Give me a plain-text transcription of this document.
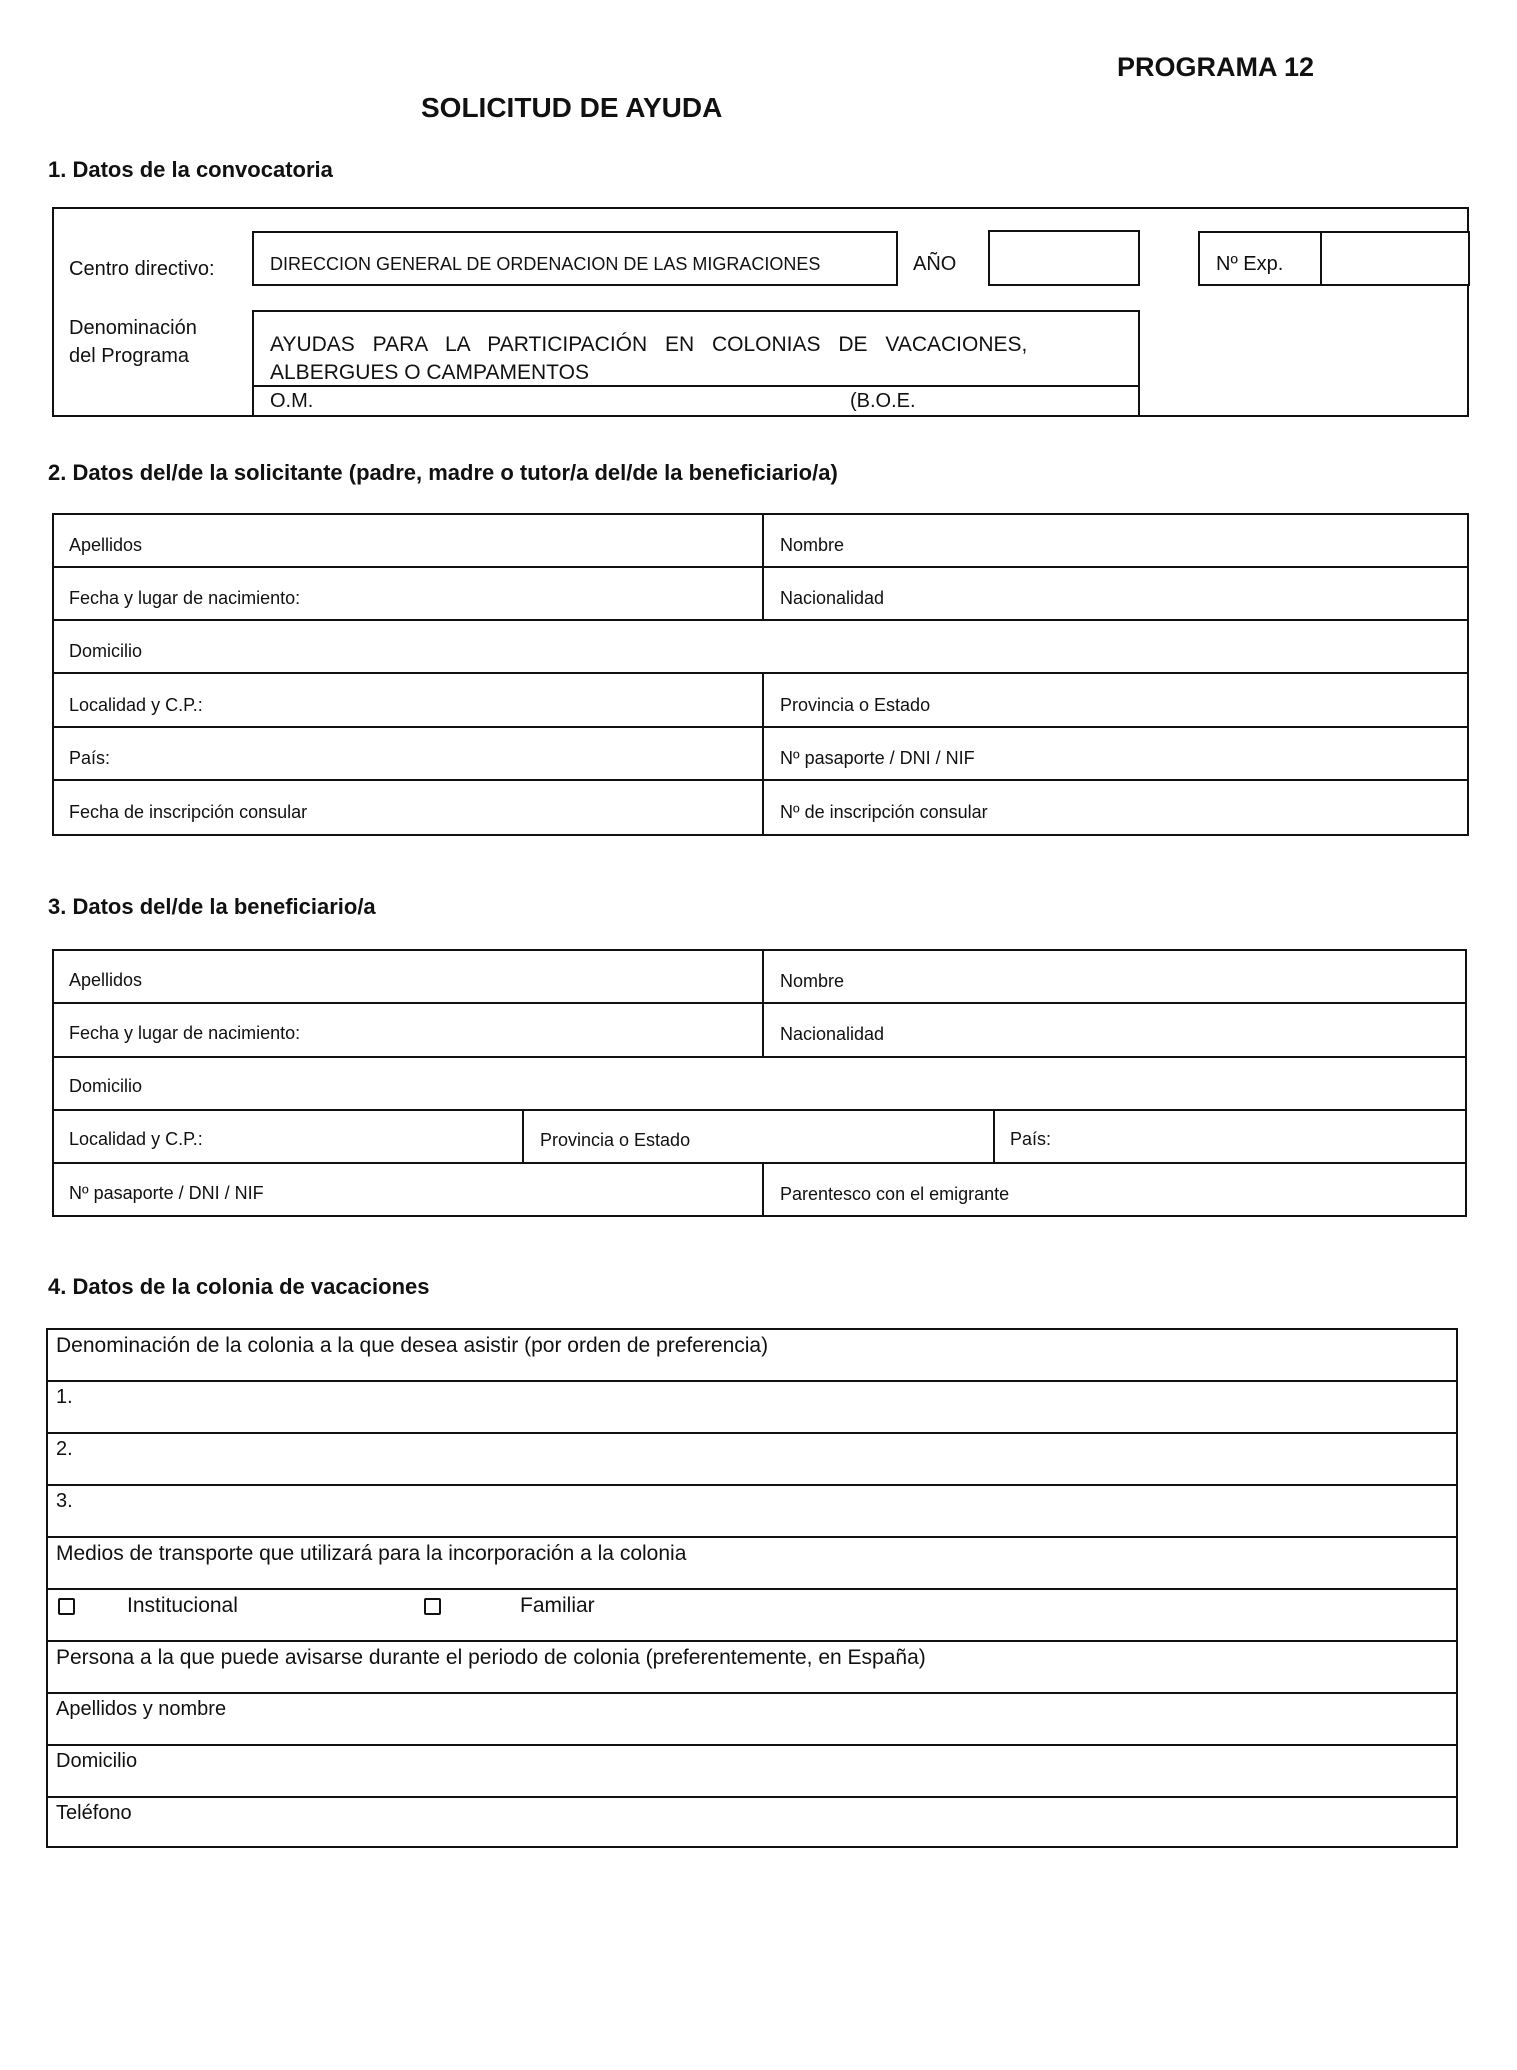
PROGRAMA 12
SOLICITUD DE AYUDA
1. Datos de la convocatoria
Centro directivo:	DIRECCION GENERAL DE ORDENACION DE LAS MIGRACIONES	AÑO	Nº Exp.
Denominación
del Programa	AYUDAS PARA LA PARTICIPACIÓN EN COLONIAS DE VACACIONES,
ALBERGUES O CAMPAMENTOS
O.M.	(B.O.E.
2. Datos del/de la solicitante (padre, madre o tutor/a del/de la beneficiario/a)
Apellidos	Nombre
Fecha y lugar de nacimiento:	Nacionalidad
Domicilio
Localidad y C.P.:	Provincia o Estado
País:	Nº pasaporte / DNI / NIF
Fecha de inscripción consular	Nº de inscripción consular
3. Datos del/de la beneficiario/a
Apellidos	Nombre
Fecha y lugar de nacimiento:	Nacionalidad
Domicilio
Localidad y C.P.:	Provincia o Estado	País:
Nº pasaporte / DNI / NIF	Parentesco con el emigrante
4. Datos de la colonia de vacaciones
Denominación de la colonia a la que desea asistir (por orden de preferencia)
1.
2.
3.
Medios de transporte que utilizará para la incorporación a la colonia
Institucional	Familiar
Persona a la que puede avisarse durante el periodo de colonia (preferentemente, en España)
Apellidos y nombre
Domicilio
Teléfono
